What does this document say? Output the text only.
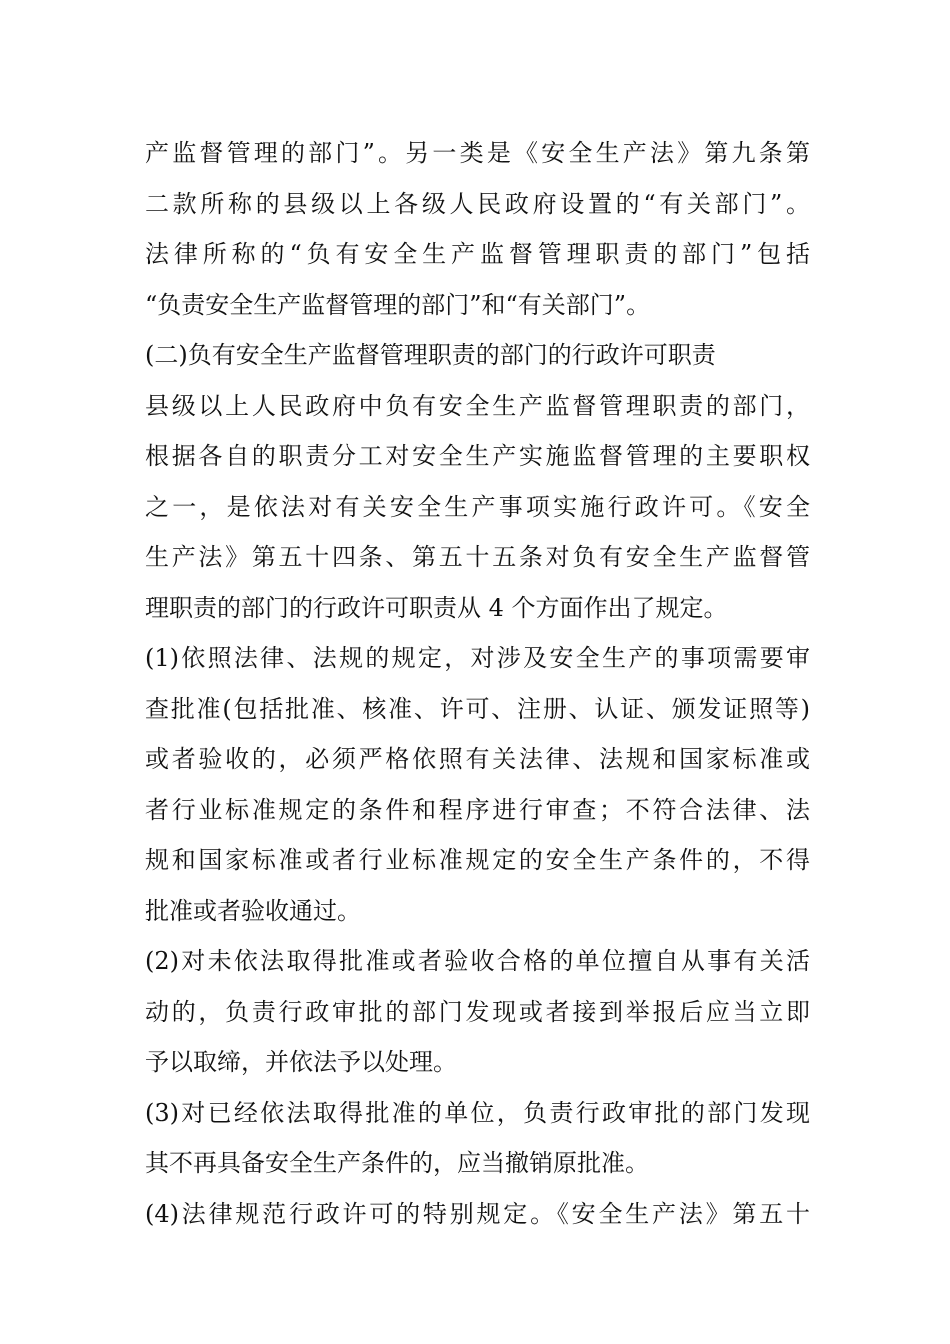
产监督管理的部门”。另一类是《安全生产法》第九条第
二款所称的县级以上各级人民政府设置的“有关部门”。
法律所称的“负有安全生产监督管理职责的部门”包括
“负责安全生产监督管理的部门”和“有关部门”。
(二)负有安全生产监督管理职责的部门的行政许可职责
县级以上人民政府中负有安全生产监督管理职责的部门，
根据各自的职责分工对安全生产实施监督管理的主要职权
之一，是依法对有关安全生产事项实施行政许可。《安全
生产法》第五十四条、第五十五条对负有安全生产监督管
理职责的部门的行政许可职责从 4 个方面作出了规定。
(1)依照法律、法规的规定，对涉及安全生产的事项需要审
查批准(包括批准、核准、许可、注册、认证、颁发证照等)
或者验收的，必须严格依照有关法律、法规和国家标准或
者行业标准规定的条件和程序进行审查；不符合法律、法
规和国家标准或者行业标准规定的安全生产条件的，不得
批准或者验收通过。
(2)对未依法取得批准或者验收合格的单位擅自从事有关活
动的，负责行政审批的部门发现或者接到举报后应当立即
予以取缔，并依法予以处理。
(3)对已经依法取得批准的单位，负责行政审批的部门发现
其不再具备安全生产条件的，应当撤销原批准。
(4)法律规范行政许可的特别规定。《安全生产法》第五十
